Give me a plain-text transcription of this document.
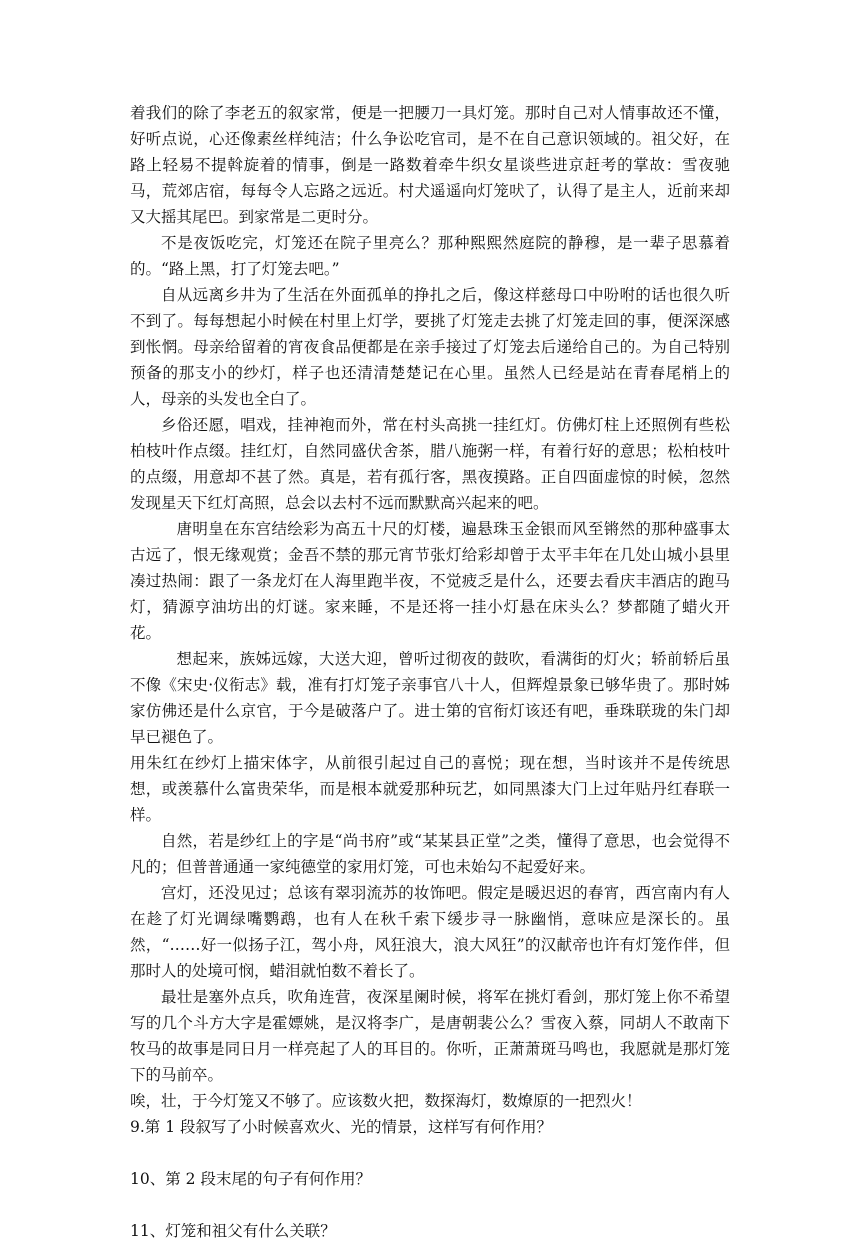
着我们的除了李老五的叙家常，便是一把腰刀一具灯笼。那时自己对人情事故还不懂，好听点说，心还像素丝样纯洁；什么争讼吃官司，是不在自己意识领域的。祖父好，在路上轻易不提斡旋着的情事，倒是一路数着牵牛织女星谈些进京赶考的掌故：雪夜驰马，荒郊店宿，每每令人忘路之远近。村犬遥遥向灯笼吠了，认得了是主人，近前来却又大摇其尾巴。到家常是二更时分。

不是夜饭吃完，灯笼还在院子里亮么？那种熙熙然庭院的静穆，是一辈子思慕着的。“路上黑，打了灯笼去吧。”

自从远离乡井为了生活在外面孤单的挣扎之后，像这样慈母口中吩咐的话也很久听不到了。每每想起小时候在村里上灯学，要挑了灯笼走去挑了灯笼走回的事，便深深感到怅惘。母亲给留着的宵夜食品便都是在亲手接过了灯笼去后递给自己的。为自己特别预备的那支小的纱灯，样子也还清清楚楚记在心里。虽然人已经是站在青春尾梢上的人，母亲的头发也全白了。

乡俗还愿，唱戏，挂神袍而外，常在村头高挑一挂红灯。仿佛灯柱上还照例有些松柏枝叶作点缀。挂红灯，自然同盛伏舍茶，腊八施粥一样，有着行好的意思；松柏枝叶的点缀，用意却不甚了然。真是，若有孤行客，黑夜摸路。正自四面虚惊的时候，忽然发现星天下红灯高照，总会以去村不远而默默高兴起来的吧。

唐明皇在东宫结绘彩为高五十尺的灯楼，遍悬珠玉金银而风至锵然的那种盛事太古远了，恨无缘观赏；金吾不禁的那元宵节张灯给彩却曾于太平丰年在几处山城小县里凑过热闹：跟了一条龙灯在人海里跑半夜，不觉疲乏是什么，还要去看庆丰酒店的跑马灯，猜源亨油坊出的灯谜。家来睡，不是还将一挂小灯悬在床头么？梦都随了蜡火开花。

想起来，族姊远嫁，大送大迎，曾听过彻夜的鼓吹，看满街的灯火；轿前轿后虽不像《宋史·仪衔志》载，准有打灯笼子亲事官八十人，但辉煌景象已够华贵了。那时姊家仿佛还是什么京官，于今是破落户了。进士第的官衔灯该还有吧，垂珠联珑的朱门却早已褪色了。

用朱红在纱灯上描宋体字，从前很引起过自己的喜悦；现在想，当时该并不是传统思想，或羡慕什么富贵荣华，而是根本就爱那种玩艺，如同黑漆大门上过年贴丹红春联一样。

自然，若是纱红上的字是“尚书府”或“某某县正堂”之类，懂得了意思，也会觉得不凡的；但普普通通一家纯德堂的家用灯笼，可也未始勾不起爱好来。

宫灯，还没见过；总该有翠羽流苏的妆饰吧。假定是暖迟迟的春宵，西宫南内有人在趁了灯光调绿嘴鹦鹉，也有人在秋千索下缓步寻一脉幽悄，意味应是深长的。虽然，“……好一似扬子江，驾小舟，风狂浪大，浪大风狂”的汉献帝也许有灯笼作伴，但那时人的处境可悯，蜡泪就怕数不着长了。

最壮是塞外点兵，吹角连营，夜深星阑时候，将军在挑灯看剑，那灯笼上你不希望写的几个斗方大字是霍嫖姚，是汉将李广，是唐朝裴公么？雪夜入蔡，同胡人不敢南下牧马的故事是同日月一样亮起了人的耳目的。你听，正萧萧斑马鸣也，我愿就是那灯笼下的马前卒。

唉，壮，于今灯笼又不够了。应该数火把，数探海灯，数燎原的一把烈火！

9.第 1 段叙写了小时候喜欢火、光的情景，这样写有何作用？

10、第 2 段末尾的句子有何作用？

11、灯笼和祖父有什么关联？
